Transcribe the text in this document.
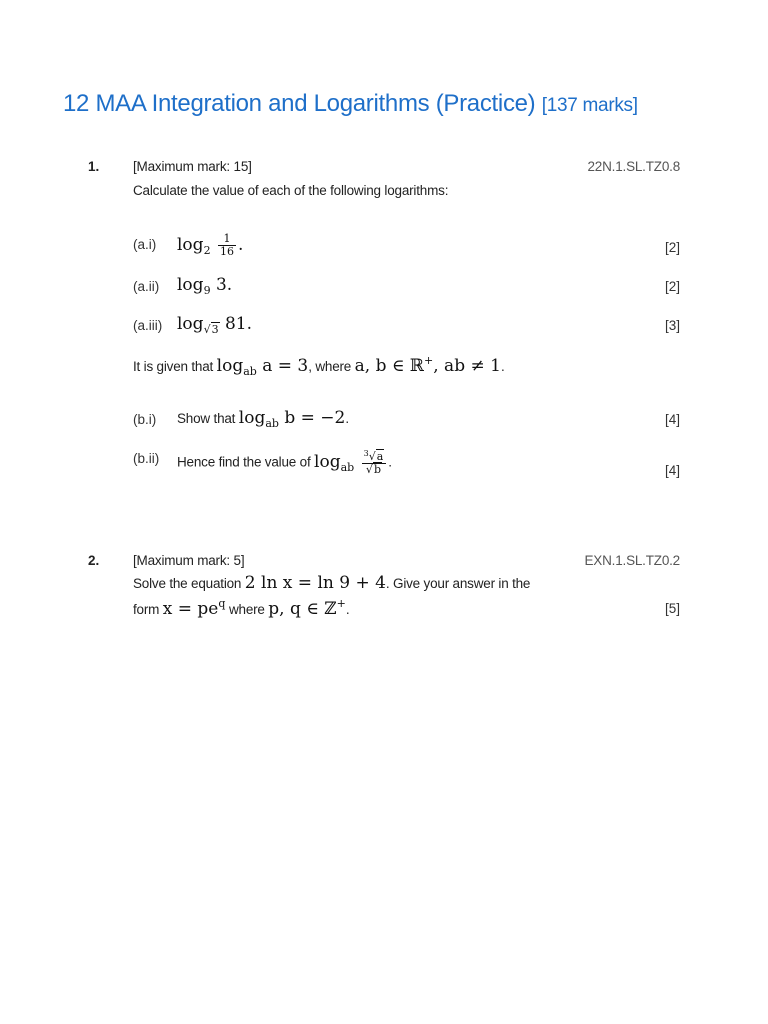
12 MAA Integration and Logarithms (Practice) [137 marks]
1. [Maximum mark: 15]	22N.1.SL.TZ0.8
Calculate the value of each of the following logarithms:
(a.i) $\log_2 \frac{1}{16}$ .	[2]
(a.ii) $\log_9 3$.	[2]
(a.iii) $\log_{√3} 81$.	[3]
It is given that $\log_{ab} a = 3$, where a, b ∈ ℝ+, ab ≠ 1.
(b.i) Show that $\log_{ab} b = -2$.	[4]
(b.ii) Hence find the value of $\log_{ab} \frac{^3√a}{√b}$ .
[4]
2. [Maximum mark: 5]	EXN.1.SL.TZ0.2
Solve the equation 2 ln x = ln 9 + 4. Give your answer in the
form $x = pe^q$ where p, q ∈ ℤ+.	[5]
